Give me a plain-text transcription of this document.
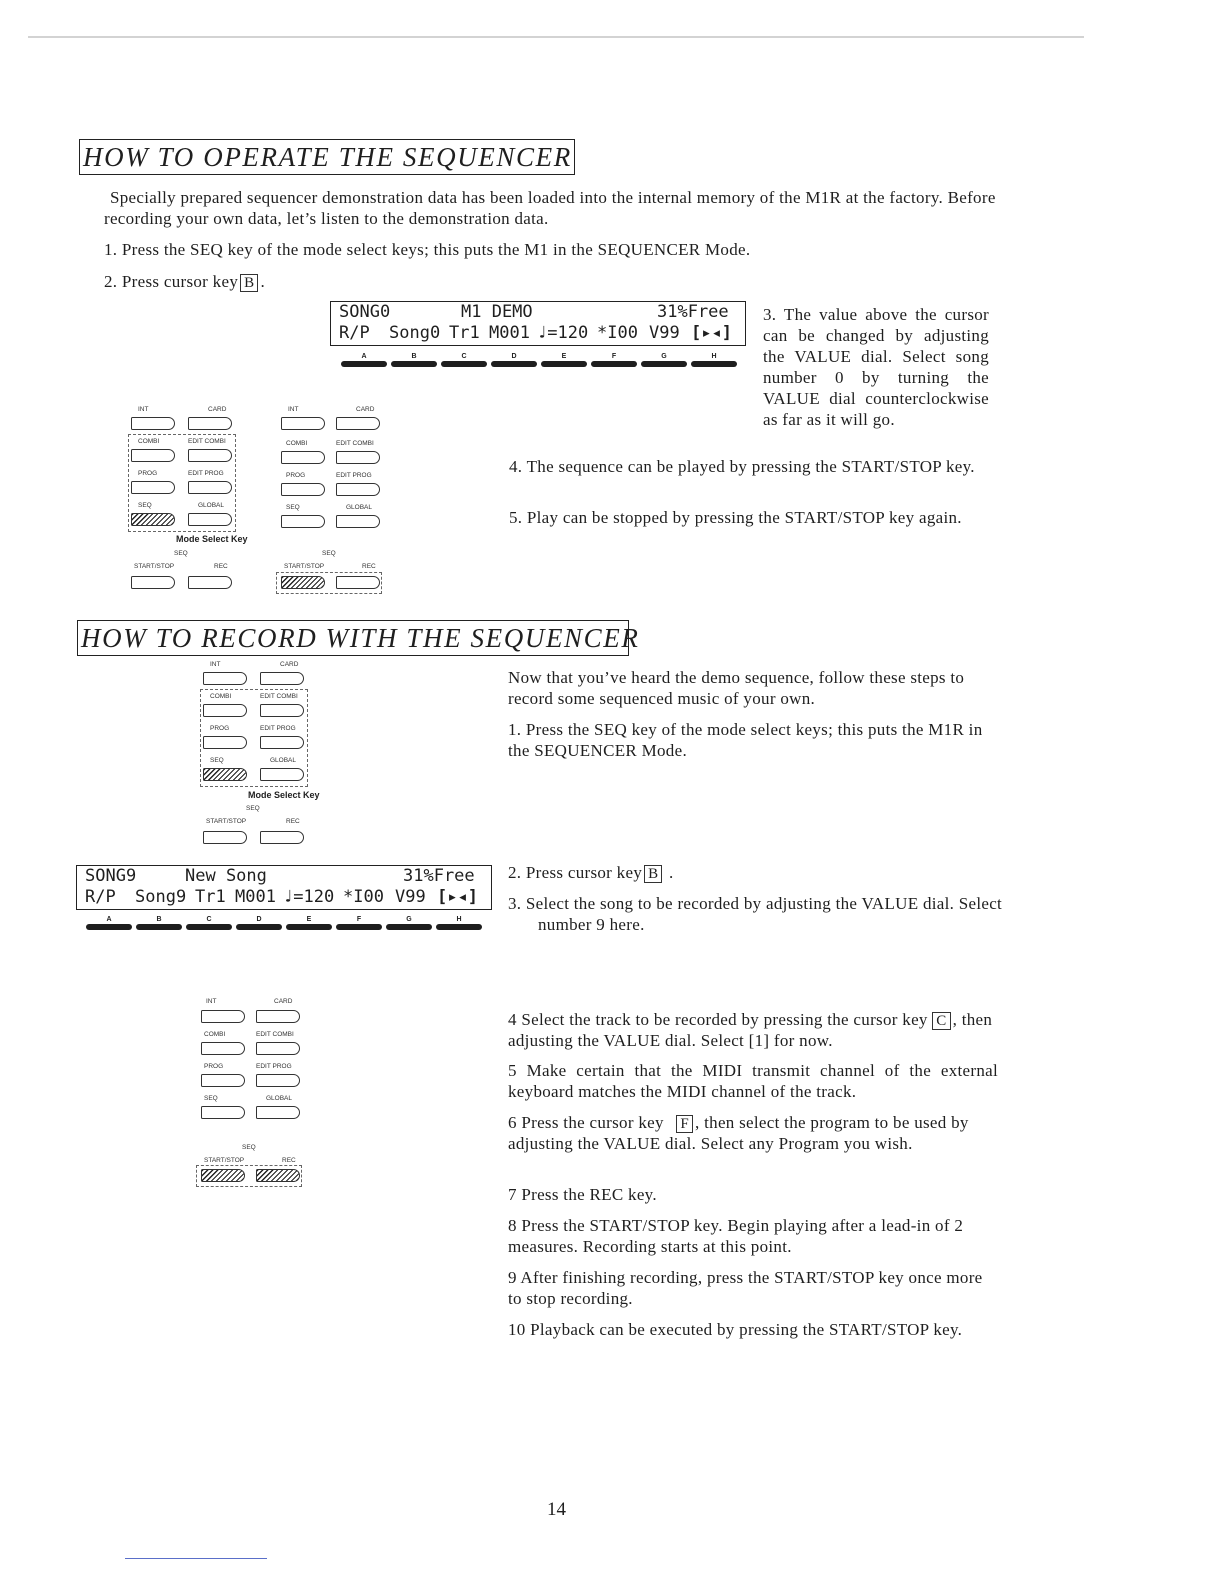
HOW TO OPERATE THE SEQUENCER
Specially prepared sequencer demonstration data has been loaded into the internal memory of the M1R at the factory. Before recording your own data, let’s listen to the demonstration data.
1. Press the SEQ key of the mode select keys; this puts the M1 in the SEQUENCER Mode.
2. Press cursor key B .

SONG0

	M1 DEMO

	31%Free

R/P

Song0

Tr1

M001

♩=120

*I00

V99

[▸◂]

A	B	C	D	E	F	G	H
3. The value above the cursor can be changed by adjusting the VALUE dial. Select song number 0 by turning the VALUE dial counterclockwise as far as it will go.
4. The sequence can be played by pressing the START/STOP key.
5. Play can be stopped by pressing the START/STOP key again.
INT	CARD
COMBI	EDIT COMBI
PROG	EDIT PROG
SEQ	GLOBAL
Mode Select Key
SEQ
START/STOP	REC
INT	CARD
COMBI	EDIT COMBI
PROG	EDIT PROG
SEQ	GLOBAL
SEQ
START/STOP	REC
HOW TO RECORD WITH THE SEQUENCER
INT	CARD
COMBI	EDIT COMBI
PROG	EDIT PROG
SEQ	GLOBAL
Mode Select Key
SEQ
START/STOP	REC
Now that you’ve heard the demo sequence, follow these steps to record some sequenced music of your own.
1. Press the SEQ key of the mode select keys; this puts the M1R in the SEQUENCER Mode.

SONG9

	New Song

	31%Free

R/P

Song9

Tr1

M001

♩=120

*I00

V99

[▸◂]

A	B	C	D	E	F	G	H
2. Press cursor key B .
3. Select the song to be recorded by adjusting the VALUE dial. Select number 9 here.
INT	CARD
COMBI	EDIT COMBI
PROG	EDIT PROG
SEQ	GLOBAL
SEQ
START/STOP	REC
4 Select the track to be recorded by pressing the cursor key C , then adjusting the VALUE dial. Select [1] for now.
5 Make certain that the MIDI transmit channel of the external keyboard matches the MIDI channel of the track.
6 Press the cursor key F , then select the program to be used by adjusting the VALUE dial. Select any Program you wish.
7 Press the REC key.
8 Press the START/STOP key. Begin playing after a lead-in of 2 measures. Recording starts at this point.
9 After finishing recording, press the START/STOP key once more to stop recording.
10 Playback can be executed by pressing the START/STOP key.
14
